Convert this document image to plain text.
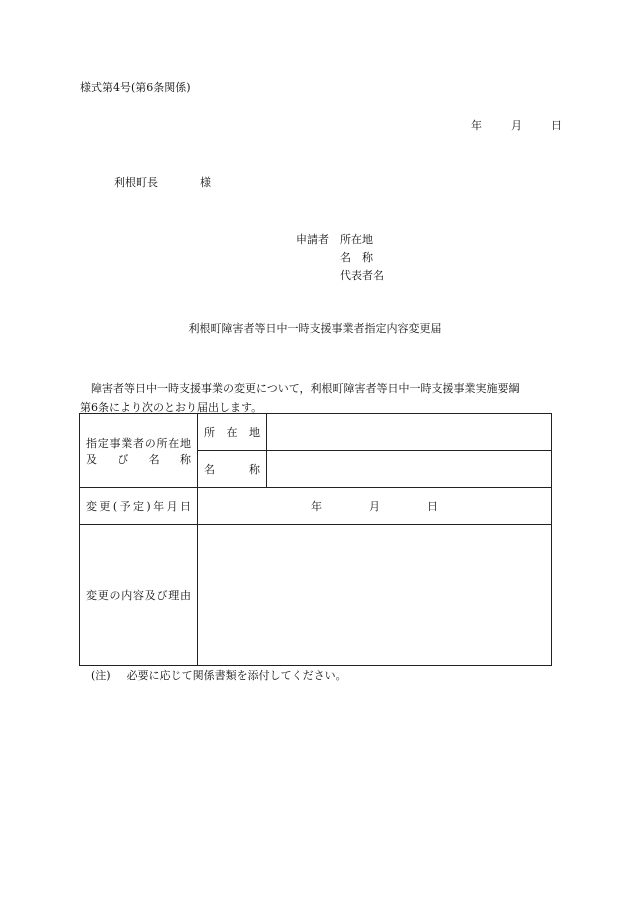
様式第4号(第6条関係)
年	月	日
利根町長	様
申請者 所在地
名　称
代表者名
利根町障害者等日中一時支援事業者指定内容変更届
障害者等日中一時支援事業の変更について，利根町障害者等日中一時支援事業実施要綱
第6条により次のとおり届出します。
指定事業者の所在地
及び名称	所在地	

	名称	

変更(予定)年月日	年 月 日	

変更の内容及び理由		

(注) 必要に応じて関係書類を添付してください。
